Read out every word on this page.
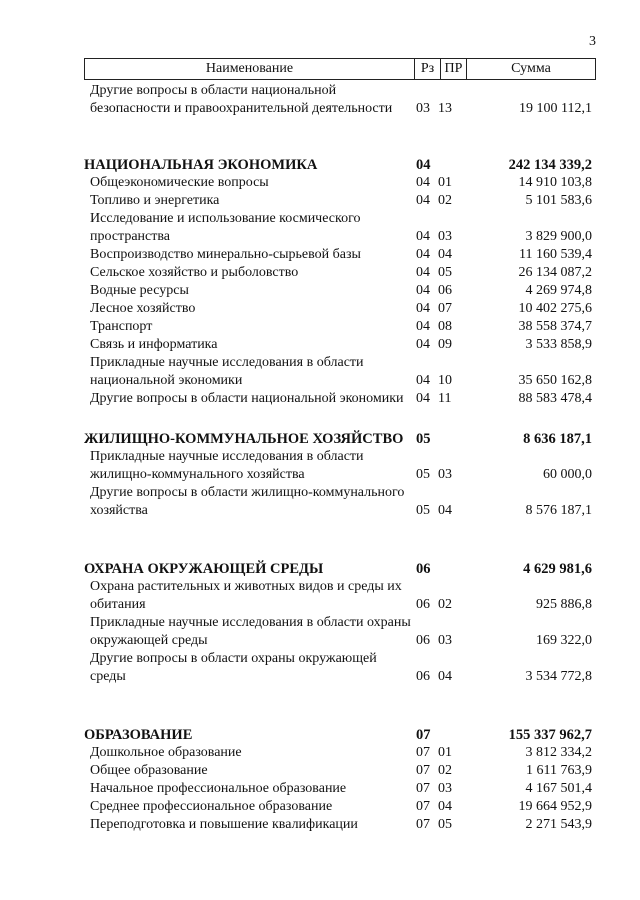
3
Наименование	Рз ПР	Сумма
Другие вопросы в области национальной безопасности и правоохранительной деятельности	03 13	19 100 112,1
НАЦИОНАЛЬНАЯ ЭКОНОМИКА	04	242 134 339,2
Общеэкономические вопросы	04 01	14 910 103,8
Топливо и энергетика	04 02	5 101 583,6
Исследование и использование космического пространства	04 03	3 829 900,0
Воспроизводство минерально-сырьевой базы	04 04	11 160 539,4
Сельское хозяйство и рыболовство	04 05	26 134 087,2
Водные ресурсы	04 06	4 269 974,8
Лесное хозяйство	04 07	10 402 275,6
Транспорт	04 08	38 558 374,7
Связь и информатика	04 09	3 533 858,9
Прикладные научные исследования в области национальной экономики	04 10	35 650 162,8
Другие вопросы в области национальной экономики 04 11	88 583 478,4
ЖИЛИЩНО-КОММУНАЛЬНОЕ ХОЗЯЙСТВО 05	8 636 187,1
Прикладные научные исследования в области жилищно-коммунального хозяйства	05 03	60 000,0
Другие вопросы в области жилищно-коммунального хозяйства	05 04	8 576 187,1
ОХРАНА ОКРУЖАЮЩЕЙ СРЕДЫ	06	4 629 981,6
Охрана растительных и животных видов и среды их обитания	06 02	925 886,8
Прикладные научные исследования в области охраны окружающей среды	06 03	169 322,0
Другие вопросы в области охраны окружающей среды	06 04	3 534 772,8
ОБРАЗОВАНИЕ	07	155 337 962,7
Дошкольное образование	07 01	3 812 334,2
Общее образование	07 02	1 611 763,9
Начальное профессиональное образование	07 03	4 167 501,4
Среднее профессиональное образование	07 04	19 664 952,9
Переподготовка и повышение квалификации	07 05	2 271 543,9
